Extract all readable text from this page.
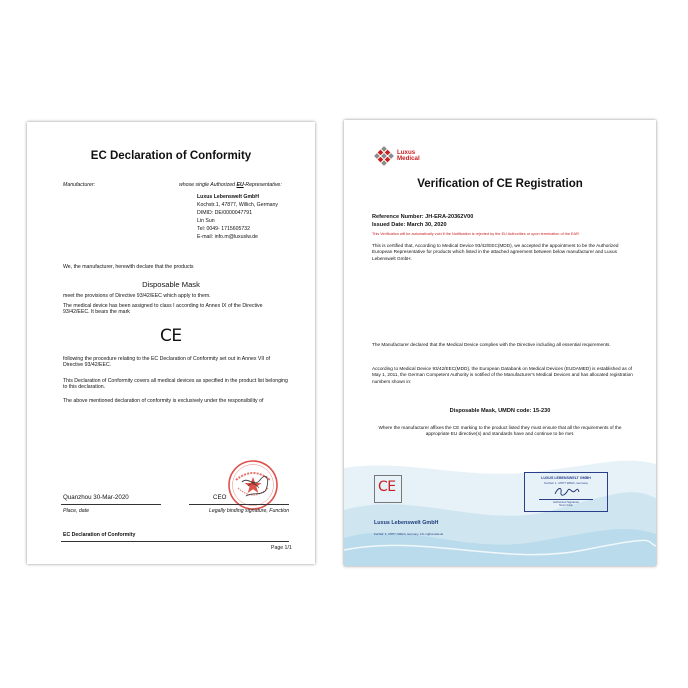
EC Declaration of Conformity
Manufacturer:	whose single Authorized EU-Representative:
Luxus Lebenswelt GmbH
Kochstr.1, 47877, Willich, Germany
DIMID: DE/0000047791
Lin Sun
Tel: 0049- 1715605732
E-mail: info.m@luxuslw.de
We, the manufacturer, herewith declare that the products
Disposable Mask
meet the provisions of Directive 93/42/EEC which apply to them.
The medical device has been assigned to class I according to Annex IX of the Directive 93/42/EEC. It bears the mark
CE
following the procedure relating to the EC Declaration of Conformity set out in Annex VII of Directive 93/42/EEC.
This Declaration of Conformity covers all medical devices as specified in the product list belonging to this declaration.
The above mentioned declaration of conformity is exclusively under the responsibility of
Quanzhou 30-Mar-2020	CEO
Place, date	Legally binding signature, Function
EC Declaration of Conformity
Page 1/1
Luxus
Medical
Verification of CE Registration
Reference Number: JH-ERA-20362V00
Issued Date: March 30, 2020
This Verification will be automatically void if the Notification is rejected by the EU Authorities or upon termination of the EAR.
This is certified that, According to Medical Device 93/42/EEC(MDD), we accepted the appointment to be the Authorized European Representative for products which listed in the attached agreement between below manufacturer and Luxus Lebenswelt GmbH.
The Manufacturer declared that the Medical Device complies with the Directive including all essential requirements.
According to Medical Device 93/42/EEC(MDD), the European Databank on Medical Devices (EUDAMED) is established as of May 1, 2011, the German Competent Authority is notified of the Manufacturer's Medical Devices and has allocated registration numbers shown in:
Disposable Mask, UMDN code: 15-230
Where the manufacturer affixes the CE marking to the product listed they must ensure that all the requirements of the appropriate EU directive(s) and standards have and continue to be met.
CE
LUXUS LEBENSWELT GMBH
Kochstr. 1, 47877 Willich, Germany
Authorized Signature
Simon Klein
Luxus Lebenswelt GmbH
Kochstr. 1, 47877, Willich, Germany, info.m@luxuslw.de
